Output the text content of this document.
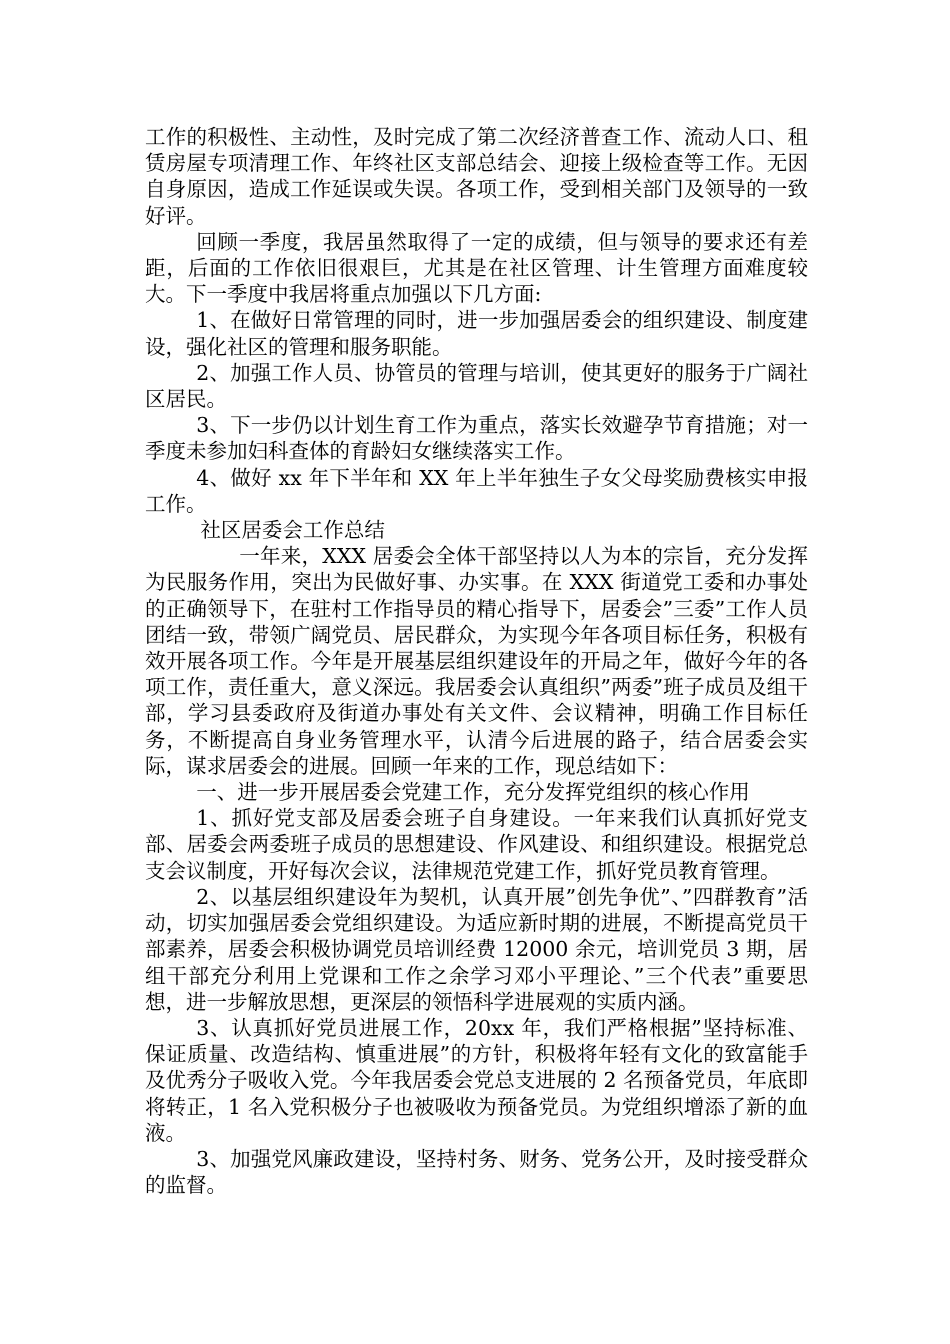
工作的积极性、主动性，及时完成了第二次经济普查工作、流动人口、租赁房屋专项清理工作、年终社区支部总结会、迎接上级检查等工作。无因自身原因，造成工作延误或失误。各项工作，受到相关部门及领导的一致好评。

回顾一季度，我居虽然取得了一定的成绩，但与领导的要求还有差距，后面的工作依旧很艰巨，尤其是在社区管理、计生管理方面难度较大。下一季度中我居将重点加强以下几方面:

1、在做好日常管理的同时，进一步加强居委会的组织建设、制度建设，强化社区的管理和服务职能。

2、加强工作人员、协管员的管理与培训，使其更好的服务于广阔社区居民。

3、下一步仍以计划生育工作为重点，落实长效避孕节育措施；对一季度未参加妇科查体的育龄妇女继续落实工作。

4、做好 xx 年下半年和 XX 年上半年独生子女父母奖励费核实申报工作。

社区居委会工作总结

一年来，XXX 居委会全体干部坚持以人为本的宗旨，充分发挥为民服务作用，突出为民做好事、办实事。在 XXX 街道党工委和办事处的正确领导下，在驻村工作指导员的精心指导下，居委会”三委”工作人员团结一致，带领广阔党员、居民群众，为实现今年各项目标任务，积极有效开展各项工作。今年是开展基层组织建设年的开局之年，做好今年的各项工作，责任重大，意义深远。我居委会认真组织”两委”班子成员及组干部，学习县委政府及街道办事处有关文件、会议精神，明确工作目标任务，不断提高自身业务管理水平，认清今后进展的路子，结合居委会实际，谋求居委会的进展。回顾一年来的工作，现总结如下：

一、进一步开展居委会党建工作，充分发挥党组织的核心作用

1、抓好党支部及居委会班子自身建设。一年来我们认真抓好党支部、居委会两委班子成员的思想建设、作风建设、和组织建设。根据党总支会议制度，开好每次会议，法律规范党建工作，抓好党员教育管理。

2、以基层组织建设年为契机，认真开展”创先争优”、”四群教育”活动，切实加强居委会党组织建设。为适应新时期的进展，不断提高党员干部素养，居委会积极协调党员培训经费 12000 余元，培训党员 3 期，居组干部充分利用上党课和工作之余学习邓小平理论、”三个代表”重要思想，进一步解放思想，更深层的领悟科学进展观的实质内涵。

3、认真抓好党员进展工作，20xx 年，我们严格根据”坚持标准、保证质量、改造结构、慎重进展”的方针，积极将年轻有文化的致富能手及优秀分子吸收入党。今年我居委会党总支进展的 2 名预备党员，年底即将转正，1 名入党积极分子也被吸收为预备党员。为党组织增添了新的血液。

3、加强党风廉政建设，坚持村务、财务、党务公开，及时接受群众的监督。
